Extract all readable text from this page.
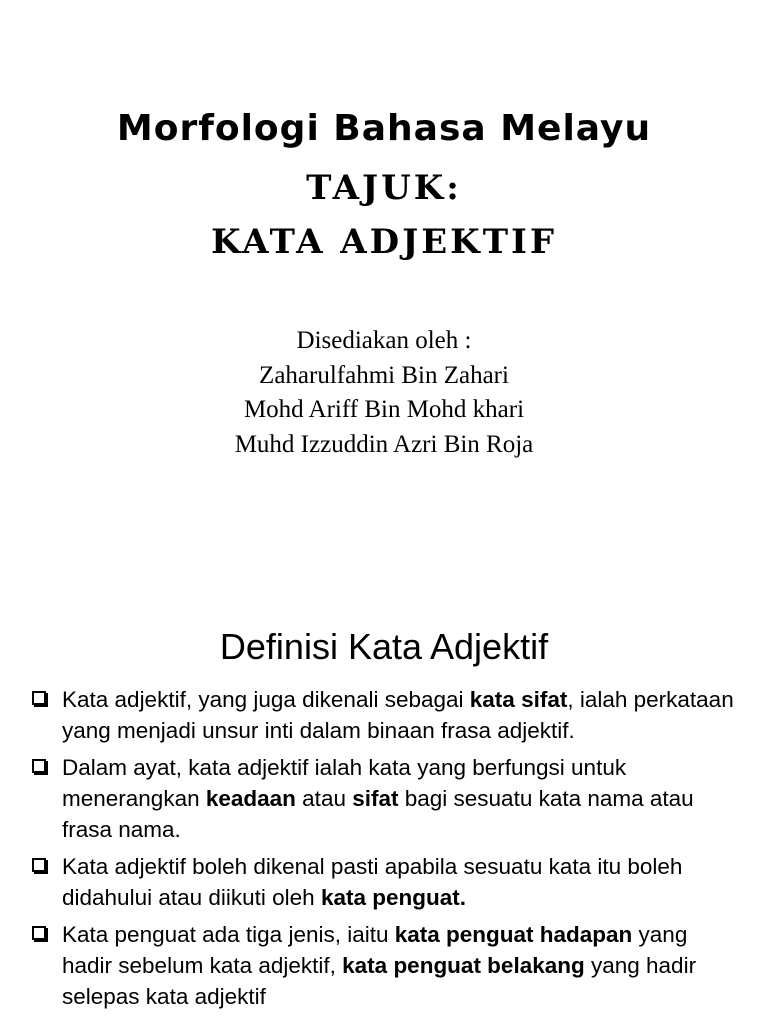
Morfologi Bahasa Melayu
TAJUK:
KATA ADJEKTIF
Disediakan oleh :
Zaharulfahmi Bin Zahari
Mohd Ariff Bin Mohd khari
Muhd Izzuddin Azri Bin Roja
Definisi Kata Adjektif
Kata adjektif, yang juga dikenali sebagai kata sifat, ialah perkataan yang menjadi unsur inti dalam binaan frasa adjektif.
Dalam ayat, kata adjektif ialah kata yang berfungsi untuk menerangkan keadaan atau sifat bagi sesuatu kata nama atau frasa nama.
Kata adjektif boleh dikenal pasti apabila sesuatu kata itu boleh didahului atau diikuti oleh kata penguat.
Kata penguat ada tiga jenis, iaitu kata penguat hadapan yang hadir sebelum kata adjektif, kata penguat belakang yang hadir selepas kata adjektif
